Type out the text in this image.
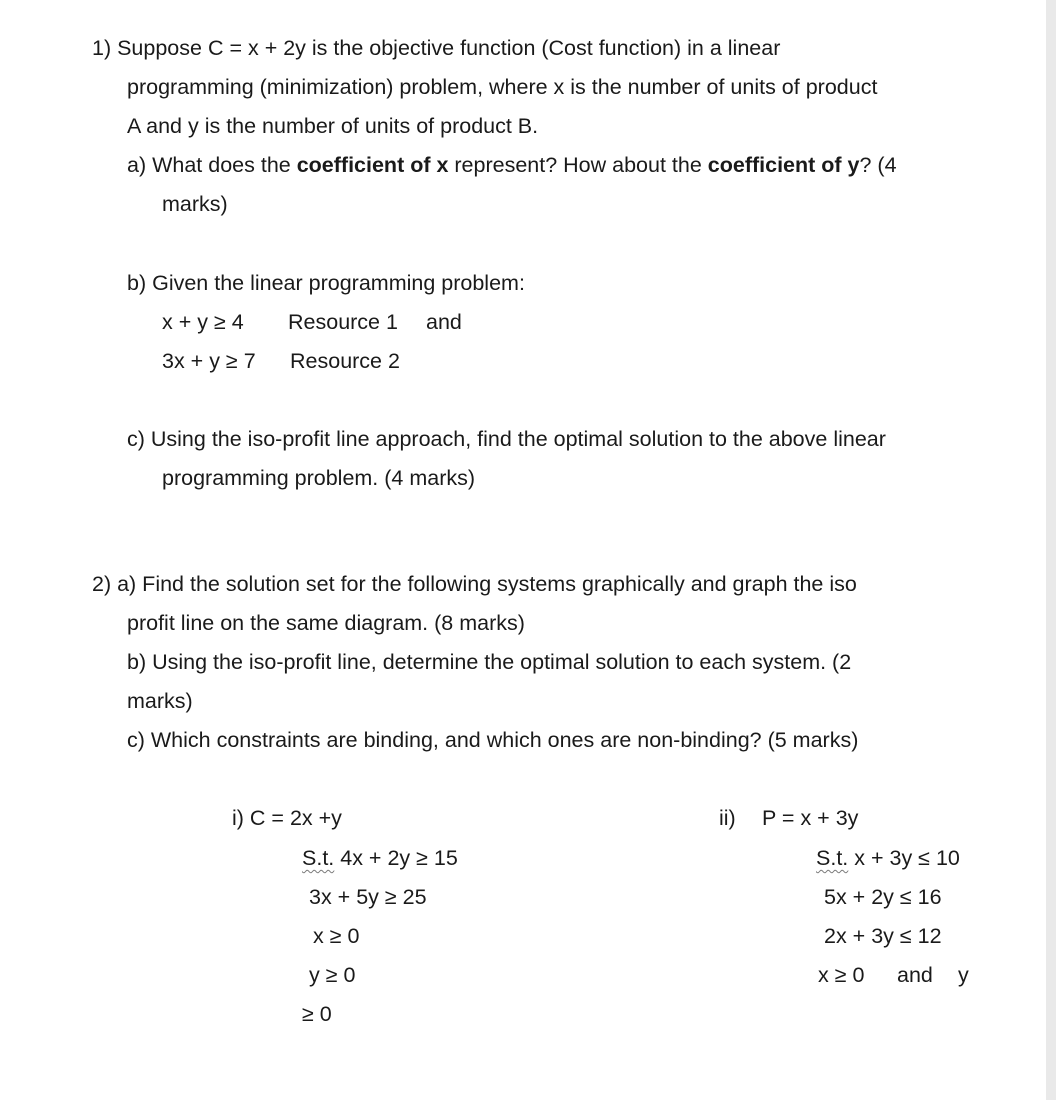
1) Suppose C = x + 2y is the objective function (Cost function) in a linear
programming (minimization) problem, where x is the number of units of product
A and y is the number of units of product B.
a) What does the coefficient of x represent? How about the coefficient of y? (4
marks)
b) Given the linear programming problem:
x + y ≥ 4 Resource 1 and
3x + y ≥ 7 Resource 2
c) Using the iso-profit line approach, find the optimal solution to the above linear
programming problem. (4 marks)
2) a) Find the solution set for the following systems graphically and graph the iso
profit line on the same diagram. (8 marks)
b) Using the iso-profit line, determine the optimal solution to each system. (2
marks)
c) Which constraints are binding, and which ones are non-binding? (5 marks)
i) C = 2x +y
S.t. 4x + 2y ≥ 15
3x + 5y ≥ 25
x ≥ 0
y ≥ 0
≥ 0
ii) P = x + 3y
S.t. x + 3y ≤ 10
5x + 2y ≤ 16
2x + 3y ≤ 12
x ≥ 0 and y
